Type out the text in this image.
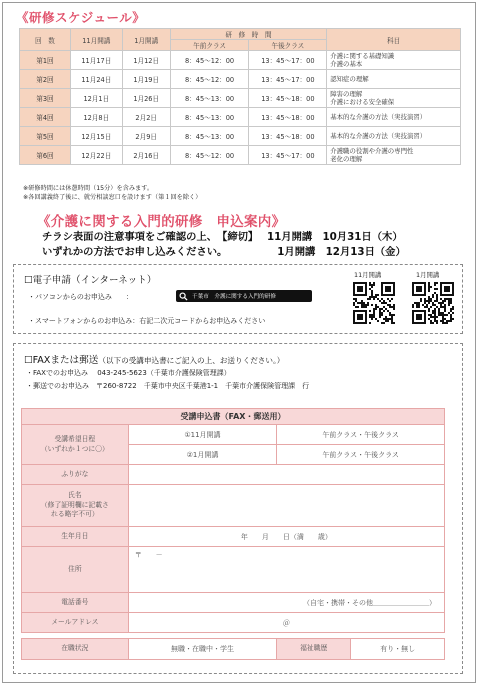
《研修スケジュール》
回　数	11月開講	1月開講	研　修　時　間		科目
			午前クラス	午後クラス	
第1回	11月17日	1月12日	8：45～12：00	13：45～17：00	介護に関する基礎知識
介護の基本

第2回	11月24日	1月19日	8：45～12：00	13：45～17：00	認知症の理解

第3回	12月1日	1月26日	8：45～13：00	13：45～18：00	障害の理解
介護における安全確保

第4回	12月8日	2月2日	8：45～13：00	13：45～18：00	基本的な介護の方法（実技演習）

第5回	12月15日	2月9日	8：45～13：00	13：45～18：00	基本的な介護の方法（実技演習）

第6回	12月22日	2月16日	8：45～12：00	13：45～17：00	介護職の役割や介護の専門性
老化の理解
※研修時間には休憩時間（15分）を含みます。
※各回講義終了後に、就労相談窓口を設けます（第１回を除く）
《介護に関する入門的研修　申込案内》
チラシ表面の注意事項をご確認の上、　【締切】　 11月開講　10月31日（木）
いずれかの方法でお申し込みください。　　　　　 1月開講　12月13日（金）
☐電子申請（インターネット）
・パソコンからのお申込み　　：	千葉市　介護に関する入門的研修
・スマートフォンからのお申込み：右記二次元コードからお申込みください
11月開講	1月開講
☐FAXまたは郵送（以下の受講申込書にご記入の上、お送りください。）
・FAXでのお申込み　 043-245-5623（千葉市介護保険管理課）
・郵送でのお申込み　〒260-8722　千葉市中央区千葉港1-1　千葉市介護保険管理課　行
受講申込書（FAX・郵送用）		

受講希望日程
（いずれか１つに〇）	①11月開講	午前クラス・午後クラス
	②1月開講	午前クラス・午後クラス
ふりがな		

氏名
（修了証明欄に記載さ
れる略字不可）		

生年月日	年　　月　　日（満　　歳）	
住所	〒　　－	
電話番号	（自宅・携帯・その他＿＿＿＿＿＿＿＿）	
メールアドレス	＠	

在職状況	無職・在職中・学生	福祉職歴 有り・無し
